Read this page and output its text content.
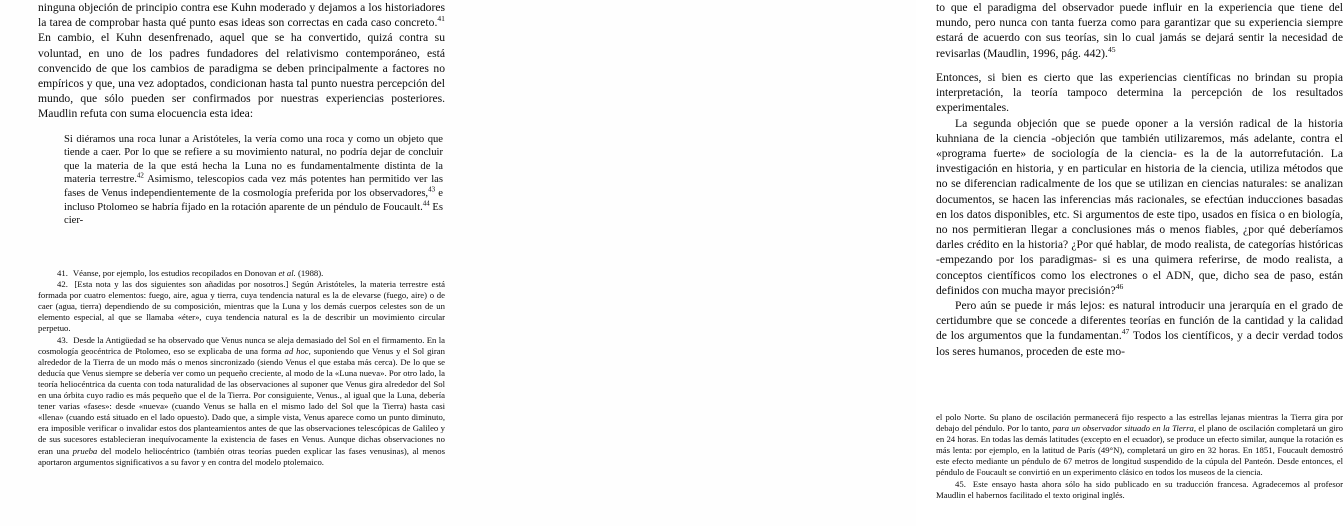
ninguna objeción de principio contra ese Kuhn moderado y dejamos a los historiadores la tarea de comprobar hasta qué punto esas ideas son correctas en cada caso concreto.$^{41}$ En cambio, el Kuhn desenfrenado, aquel que se ha convertido, quizá contra su voluntad, en uno de los padres fundadores del relativismo contemporáneo, está convencido de que los cambios de paradigma se deben principalmente a factores no empíricos y que, una vez adoptados, condicionan hasta tal punto nuestra percepción del mundo, que sólo pueden ser confirmados por nuestras experiencias posteriores. Maudlin refuta con suma elocuencia esta idea:

Si diéramos una roca lunar a Aristóteles, la vería como una roca y como un objeto que tiende a caer. Por lo que se refiere a su movimiento natural, no podría dejar de concluir que la materia de la que está hecha la Luna no es fundamentalmente distinta de la materia terrestre.$^{42}$ Asimismo, telescopios cada vez más potentes han permitido ver las fases de Venus independientemente de la cosmología preferida por los observadores,$^{43}$ e incluso Ptolomeo se habría fijado en la rotación aparente de un péndulo de Foucault.$^{44}$ Es cier-

41. Véanse, por ejemplo, los estudios recopilados en Donovan et al. (1988).

42. [Esta nota y las dos siguientes son añadidas por nosotros.] Según Aristóteles, la materia terrestre está formada por cuatro elementos: fuego, aire, agua y tierra, cuya tendencia natural es la de elevarse (fuego, aire) o de caer (agua, tierra) dependiendo de su composición, mientras que la Luna y los demás cuerpos celestes son de un elemento especial, al que se llamaba «éter», cuya tendencia natural es la de describir un movimiento circular perpetuo.

43. Desde la Antigüedad se ha observado que Venus nunca se aleja demasiado del Sol en el firmamento. En la cosmología geocéntrica de Ptolomeo, eso se explicaba de una forma ad hoc, suponiendo que Venus y el Sol giran alrededor de la Tierra de un modo más o menos sincronizado (siendo Venus el que estaba más cerca). De lo que se deducía que Venus siempre se debería ver como un pequeño creciente, al modo de la «Luna nueva». Por otro lado, la teoría heliocéntrica da cuenta con toda naturalidad de las observaciones al suponer que Venus gira alrededor del Sol en una órbita cuyo radio es más pequeño que el de la Tierra. Por consiguiente, Venus., al igual que la Luna, debería tener varias «fases»: desde «nueva» (cuando Venus se halla en el mismo lado del Sol que la Tierra) hasta casi «llena» (cuando está situado en el lado opuesto). Dado que, a simple vista, Venus aparece como un punto diminuto, era imposible verificar o invalidar estos dos planteamientos antes de que las observaciones telescópicas de Galileo y de sus sucesores establecieran inequívocamente la existencia de fases en Venus. Aunque dichas observaciones no eran una prueba del modelo heliocéntrico (también otras teorías pueden explicar las fases venusinas), al menos aportaron argumentos significativos a su favor y en contra del modelo ptolemaico.

to que el paradigma del observador puede influir en la experiencia que tiene del mundo, pero nunca con tanta fuerza como para garantizar que su experiencia siempre estará de acuerdo con sus teorías, sin lo cual jamás se dejará sentir la necesidad de revisarlas (Maudlin, 1996, pág. 442).$^{45}$

Entonces, si bien es cierto que las experiencias científicas no brindan su propia interpretación, la teoría tampoco determina la percepción de los resultados experimentales.

La segunda objeción que se puede oponer a la versión radical de la historia kuhniana de la ciencia -objeción que también utilizaremos, más adelante, contra el «programa fuerte» de sociología de la ciencia- es la de la autorrefutación. La investigación en historia, y en particular en historia de la ciencia, utiliza métodos que no se diferencian radicalmente de los que se utilizan en ciencias naturales: se analizan documentos, se hacen las inferencias más racionales, se efectúan inducciones basadas en los datos disponibles, etc. Si argumentos de este tipo, usados en física o en biología, no nos permitieran llegar a conclusiones más o menos fiables, ¿por qué deberíamos darles crédito en la historia? ¿Por qué hablar, de modo realista, de categorías históricas -empezando por los paradigmas- si es una quimera referirse, de modo realista, a conceptos científicos como los electrones o el ADN, que, dicho sea de paso, están definidos con mucha mayor precisión?$^{46}$

Pero aún se puede ir más lejos: es natural introducir una jerarquía en el grado de certidumbre que se concede a diferentes teorías en función de la cantidad y la calidad de los argumentos que la fundamentan.$^{47}$ Todos los científicos, y a decir verdad todos los seres humanos, proceden de este mo-

el polo Norte. Su plano de oscilación permanecerá fijo respecto a las estrellas lejanas mientras la Tierra gira por debajo del péndulo. Por lo tanto, para un observador situado en la Tierra, el plano de oscilación completará un giro en 24 horas. En todas las demás latitudes (excepto en el ecuador), se produce un efecto similar, aunque la rotación es más lenta: por ejemplo, en la latitud de París (49°N), completará un giro en 32 horas. En 1851, Foucault demostró este efecto mediante un péndulo de 67 metros de longitud suspendido de la cúpula del Panteón. Desde entonces, el péndulo de Foucault se convirtió en un experimento clásico en todos los museos de la ciencia.

45. Este ensayo hasta ahora sólo ha sido publicado en su traducción francesa. Agradecemos al profesor Maudlin el habernos facilitado el texto original inglés.
